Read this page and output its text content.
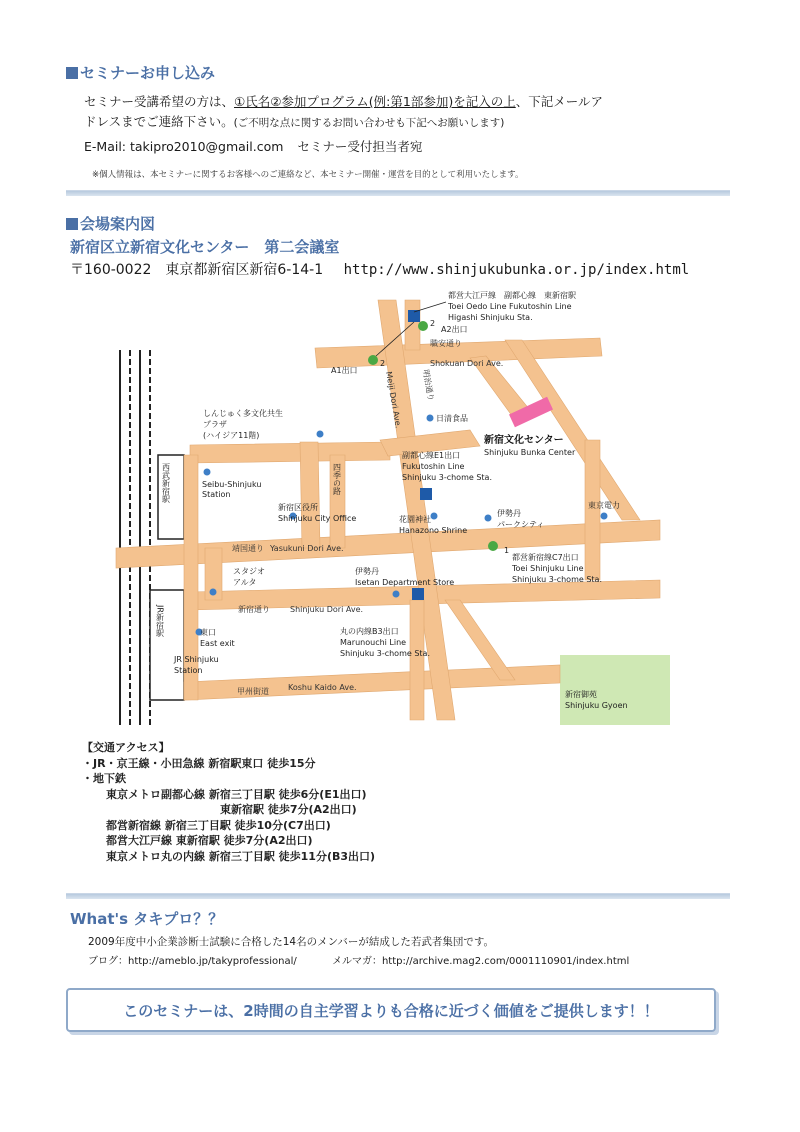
セミナーお申し込み
セミナー受講希望の方は、①氏名②参加プログラム(例:第1部参加)を記入の上、下記メールア
ドレスまでご連絡下さい。(ご不明な点に関するお問い合わせも下記へお願いします)
E-Mail: takipro2010@gmail.com セミナー受付担当者宛
※個人情報は、本セミナーに関するお客様へのご連絡など、本セミナー開催・運営を目的として利用いたします。
会場案内図
新宿区立新宿文化センター　第二会議室
〒160-0022　東京都新宿区新宿6-14-1 http://www.shinjukubunka.or.jp/index.html
都営大江戸線　副都心線　東新宿駅
Toei Oedo Line Fukutoshin Line
Higashi Shinjuku Sta.
A2出口
職安通り
Shokuan Dori Ave.
A1出口
2
2
Meiji Dori Ave. 明治通り
日清食品
新宿文化センター
Shinjuku Bunka Center
しんじゅく多文化共生
プラザ
(ハイジア11階)
西武新宿駅	Seibu-Shinjuku
Station	四季の路
副都心線E1出口
Fukutoshin Line
Shinjuku 3-chome Sta.
新宿区役所
Shinjuku City Office	花園神社
Hanazono Shrine
伊勢丹
パークシティ
東京電力
靖国通り Yasukuni Dori Ave.	1
都営新宿線C7出口
Toei Shinjuku Line
Shinjuku 3-chome Sta.
スタジオ
アルタ
伊勢丹
Isetan Department Store
JR新宿駅	新宿通り	Shinjuku Dori Ave.
東口
East exit
JR Shinjuku
Station
丸の内線B3出口
Marunouchi Line
Shinjuku 3-chome Sta.
甲州街道 Koshu Kaido Ave.
新宿御苑
Shinjuku Gyoen
【交通アクセス】
・JR・京王線・小田急線 新宿駅東口 徒歩15分
・地下鉄
東京メトロ副都心線 新宿三丁目駅 徒歩6分(E1出口)
東新宿駅 徒歩7分(A2出口)
都営新宿線 新宿三丁目駅 徒歩10分(C7出口)
都営大江戸線 東新宿駅 徒歩7分(A2出口)
東京メトロ丸の内線 新宿三丁目駅 徒歩11分(B3出口)
What's タキプロ？？
2009年度中小企業診断士試験に合格した14名のメンバーが結成した若武者集団です。
ブログ：http://ameblo.jp/takyprofessional/	メルマガ：http://archive.mag2.com/0001110901/index.html
このセミナーは、2時間の自主学習よりも合格に近づく価値をご提供します！！
